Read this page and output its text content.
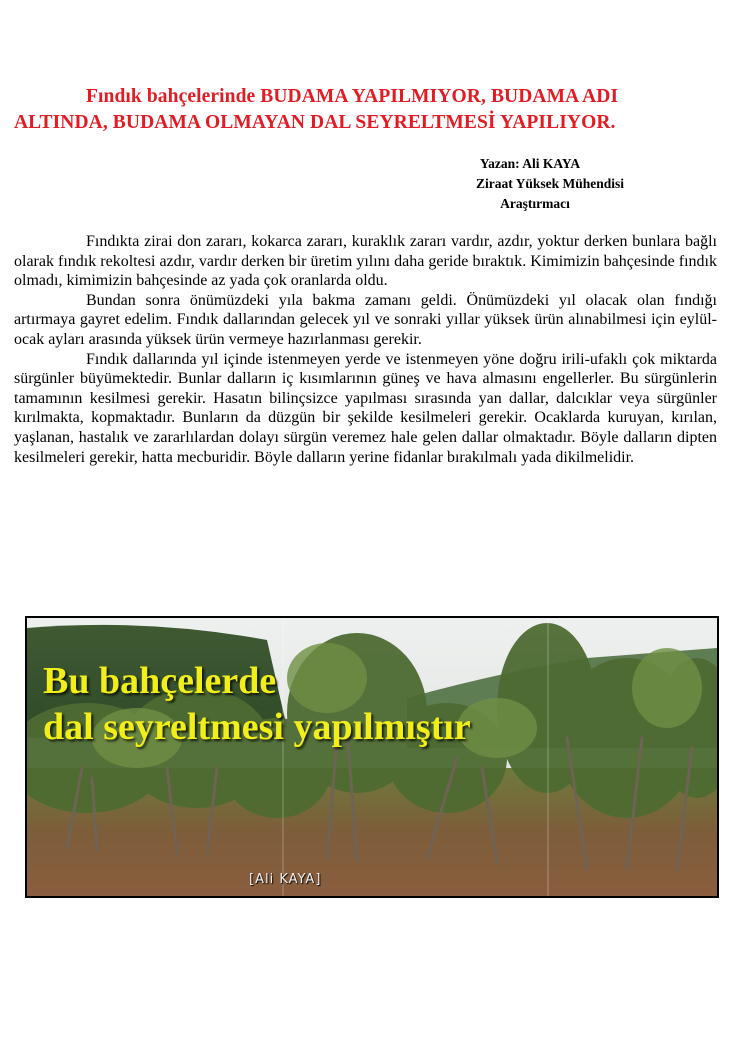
Fındık bahçelerinde BUDAMA YAPILMIYOR, BUDAMA ADI ALTINDA, BUDAMA OLMAYAN DAL SEYRELTMESİ YAPILIYOR.
Yazan: Ali KAYA
Ziraat Yüksek Mühendisi
Araştırmacı

Fındıkta zirai don zararı, kokarca zararı, kuraklık zararı vardır, azdır, yoktur derken bunlara bağlı olarak fındık rekoltesi azdır, vardır derken bir üretim yılını daha geride bıraktık. Kimimizin bahçesinde fındık olmadı, kimimizin bahçesinde az yada çok oranlarda oldu.

Bundan sonra önümüzdeki yıla bakma zamanı geldi. Önümüzdeki yıl olacak olan fındığı artırmaya gayret edelim. Fındık dallarından gelecek yıl ve sonraki yıllar yüksek ürün alınabilmesi için eylül-ocak ayları arasında yüksek ürün vermeye hazırlanması gerekir.

Fındık dallarında yıl içinde istenmeyen yerde ve istenmeyen yöne doğru irili-ufaklı çok miktarda sürgünler büyümektedir. Bunlar dalların iç kısımlarının güneş ve hava almasını engellerler. Bu sürgünlerin tamamının kesilmesi gerekir. Hasatın bilinçsizce yapılması sırasında yan dallar, dalcıklar veya sürgünler kırılmakta, kopmaktadır. Bunların da düzgün bir şekilde kesilmeleri gerekir. Ocaklarda kuruyan, kırılan, yaşlanan, hastalık ve zararlılardan dolayı sürgün veremez hale gelen dallar olmaktadır. Böyle dalların dipten kesilmeleri gerekir, hatta mecburidir. Böyle dalların yerine fidanlar bırakılmalı yada dikilmelidir.

Bu bahçelerde
dal seyreltmesi yapılmıştır

[Ali KAYA]
